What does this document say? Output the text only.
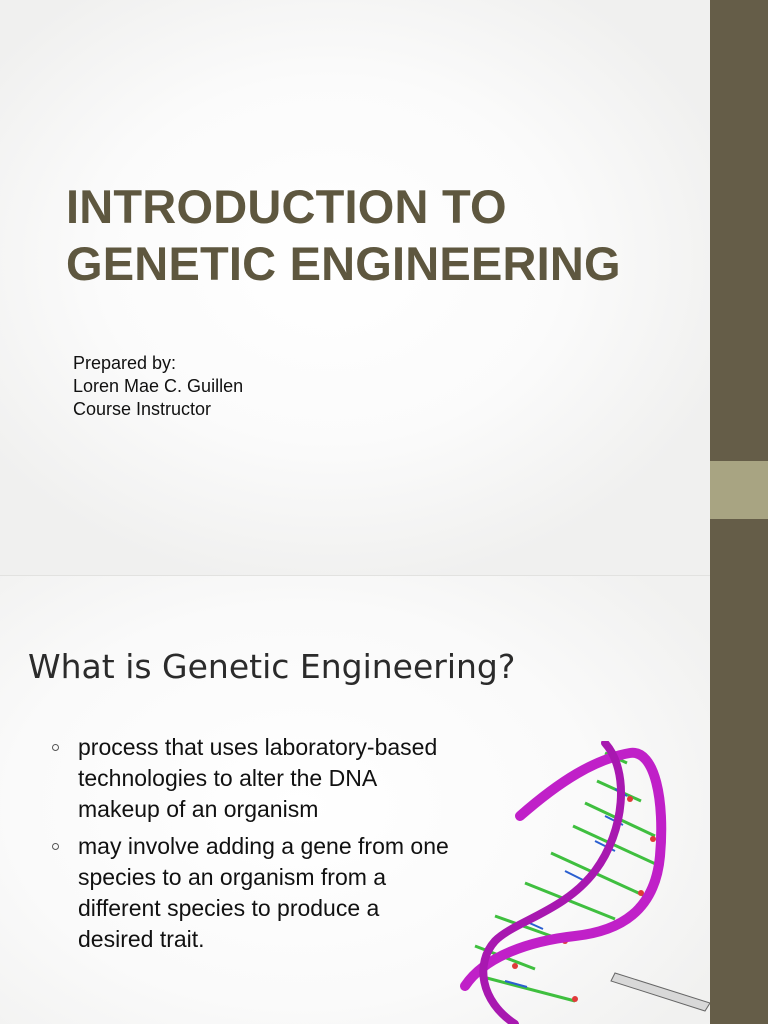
INTRODUCTION TO
GENETIC ENGINEERING
Prepared by:
Loren Mae C. Guillen
Course Instructor
What is Genetic Engineering?
process that uses laboratory-based
technologies to alter the DNA
makeup of an organism
may involve adding a gene from one
species to an organism from a
different species to produce a
desired trait.
